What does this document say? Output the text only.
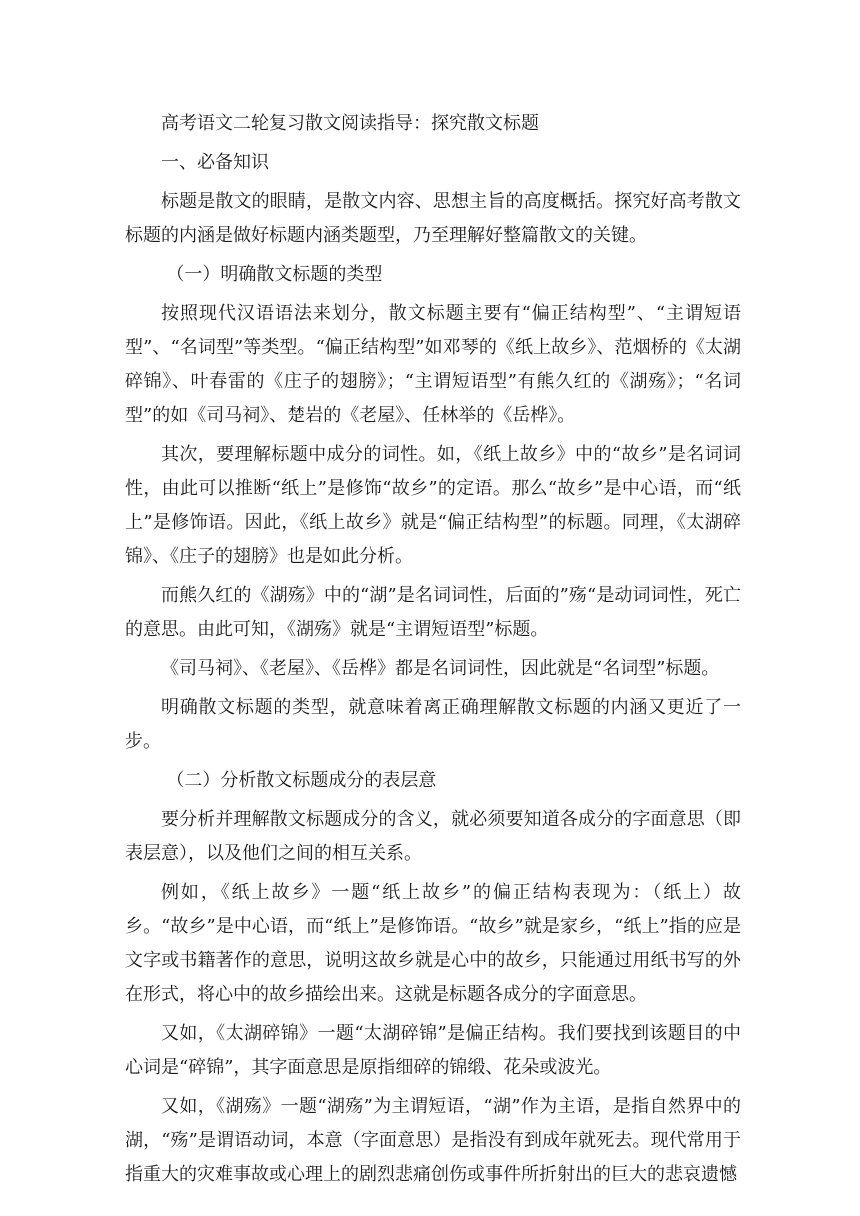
高考语文二轮复习散文阅读指导：探究散文标题

一、必备知识

标题是散文的眼睛，是散文内容、思想主旨的高度概括。探究好高考散文标题的内涵是做好标题内涵类题型，乃至理解好整篇散文的关键。

（一）明确散文标题的类型

按照现代汉语语法来划分，散文标题主要有“偏正结构型”、“主谓短语型”、“名词型”等类型。“偏正结构型”如邓琴的《纸上故乡》、范烟桥的《太湖碎锦》、叶春雷的《庄子的翅膀》；“主谓短语型”有熊久红的《湖殇》；“名词型”的如《司马祠》、楚岩的《老屋》、任林举的《岳桦》。

其次，要理解标题中成分的词性。如，《纸上故乡》中的“故乡”是名词词性，由此可以推断“纸上”是修饰“故乡”的定语。那么“故乡”是中心语，而“纸上”是修饰语。因此，《纸上故乡》就是“偏正结构型”的标题。同理，《太湖碎锦》、《庄子的翅膀》也是如此分析。

而熊久红的《湖殇》中的“湖”是名词词性，后面的”殇“是动词词性，死亡的意思。由此可知，《湖殇》就是“主谓短语型”标题。

《司马祠》、《老屋》、《岳桦》都是名词词性，因此就是“名词型”标题。

明确散文标题的类型，就意味着离正确理解散文标题的内涵又更近了一步。

（二）分析散文标题成分的表层意

要分析并理解散文标题成分的含义，就必须要知道各成分的字面意思（即表层意），以及他们之间的相互关系。

例如，《纸上故乡》一题“纸上故乡”的偏正结构表现为：（纸上）故乡。“故乡”是中心语，而“纸上”是修饰语。“故乡”就是家乡，“纸上”指的应是文字或书籍著作的意思，说明这故乡就是心中的故乡，只能通过用纸书写的外在形式，将心中的故乡描绘出来。这就是标题各成分的字面意思。

又如，《太湖碎锦》一题“太湖碎锦”是偏正结构。我们要找到该题目的中心词是“碎锦”，其字面意思是原指细碎的锦缎、花朵或波光。

又如，《湖殇》一题“湖殇”为主谓短语，“湖”作为主语，是指自然界中的湖，“殇”是谓语动词，本意（字面意思）是指没有到成年就死去。现代常用于指重大的灾难事故或心理上的剧烈悲痛创伤或事件所折射出的巨大的悲哀遗憾
